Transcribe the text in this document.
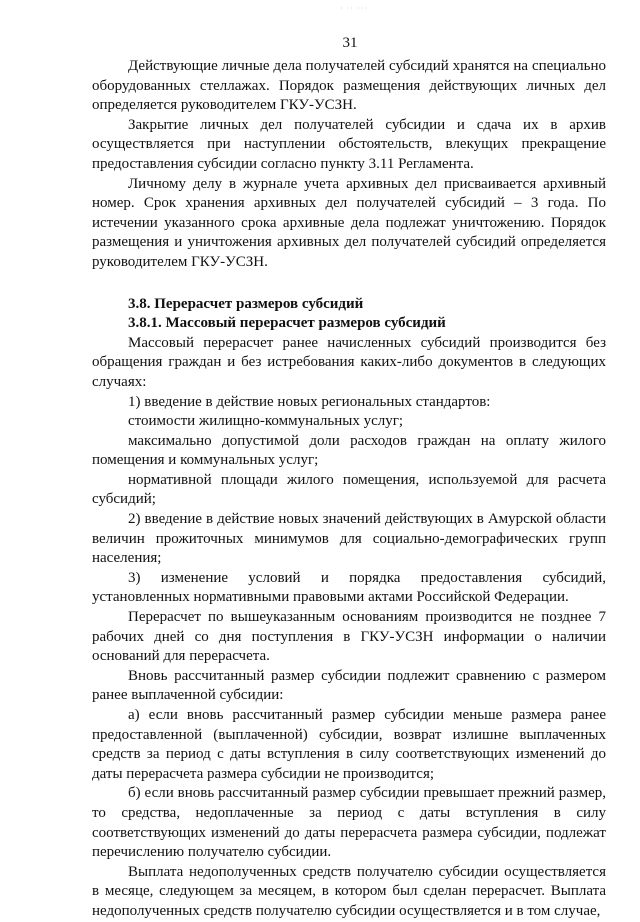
· ·· ···
31

Действующие личные дела получателей субсидий хранятся на специально оборудованных стеллажах. Порядок размещения действующих личных дел определяется руководителем ГКУ-УСЗН.

Закрытие личных дел получателей субсидии и сдача их в архив осуществляется при наступлении обстоятельств, влекущих прекращение предоставления субсидии согласно пункту 3.11 Регламента.

Личному делу в журнале учета архивных дел присваивается архивный номер. Срок хранения архивных дел получателей субсидий – 3 года. По истечении указанного срока архивные дела подлежат уничтожению. Порядок размещения и уничтожения архивных дел получателей субсидий определяется руководителем ГКУ-УСЗН.

3.8. Перерасчет размеров субсидий

3.8.1. Массовый перерасчет размеров субсидий

Массовый перерасчет ранее начисленных субсидий производится без обращения граждан и без истребования каких-либо документов в следующих случаях:

1) введение в действие новых региональных стандартов:

стоимости жилищно-коммунальных услуг;

максимально допустимой доли расходов граждан на оплату жилого помещения и коммунальных услуг;

нормативной площади жилого помещения, используемой для расчета субсидий;

2) введение в действие новых значений действующих в Амурской области величин прожиточных минимумов для социально-демографических групп населения;

3) изменение условий и порядка предоставления субсидий, установленных нормативными правовыми актами Российской Федерации.

Перерасчет по вышеуказанным основаниям производится не позднее 7 рабочих дней со дня поступления в ГКУ-УСЗН информации о наличии оснований для перерасчета.

Вновь рассчитанный размер субсидии подлежит сравнению с размером ранее выплаченной субсидии:

а) если вновь рассчитанный размер субсидии меньше размера ранее предоставленной (выплаченной) субсидии, возврат излишне выплаченных средств за период с даты вступления в силу соответствующих изменений до даты перерасчета размера субсидии не производится;

б) если вновь рассчитанный размер субсидии превышает прежний размер, то средства, недоплаченные за период с даты вступления в силу соответствующих изменений до даты перерасчета размера субсидии, подлежат перечислению получателю субсидии.

Выплата недополученных средств получателю субсидии осуществляется в месяце, следующем за месяцем, в котором был сделан перерасчет. Выплата недополученных средств получателю субсидии осуществляется и в том случае,
